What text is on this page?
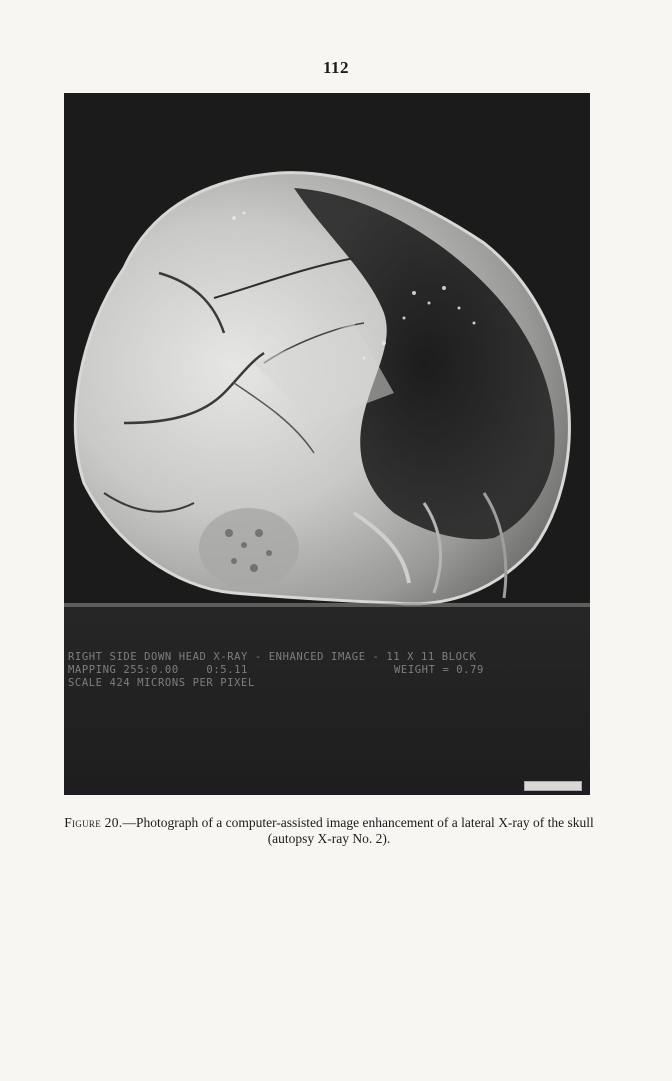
112
RIGHT SIDE DOWN HEAD X-RAY - ENHANCED IMAGE - 11 X 11 BLOCK
MAPPING 255:0.00    0:5.11	WEIGHT = 0.79
SCALE 424 MICRONS PER PIXEL
Figure 20.—Photograph of a computer-assisted image enhancement of a lateral X-ray of the skull (autopsy X-ray No. 2).
